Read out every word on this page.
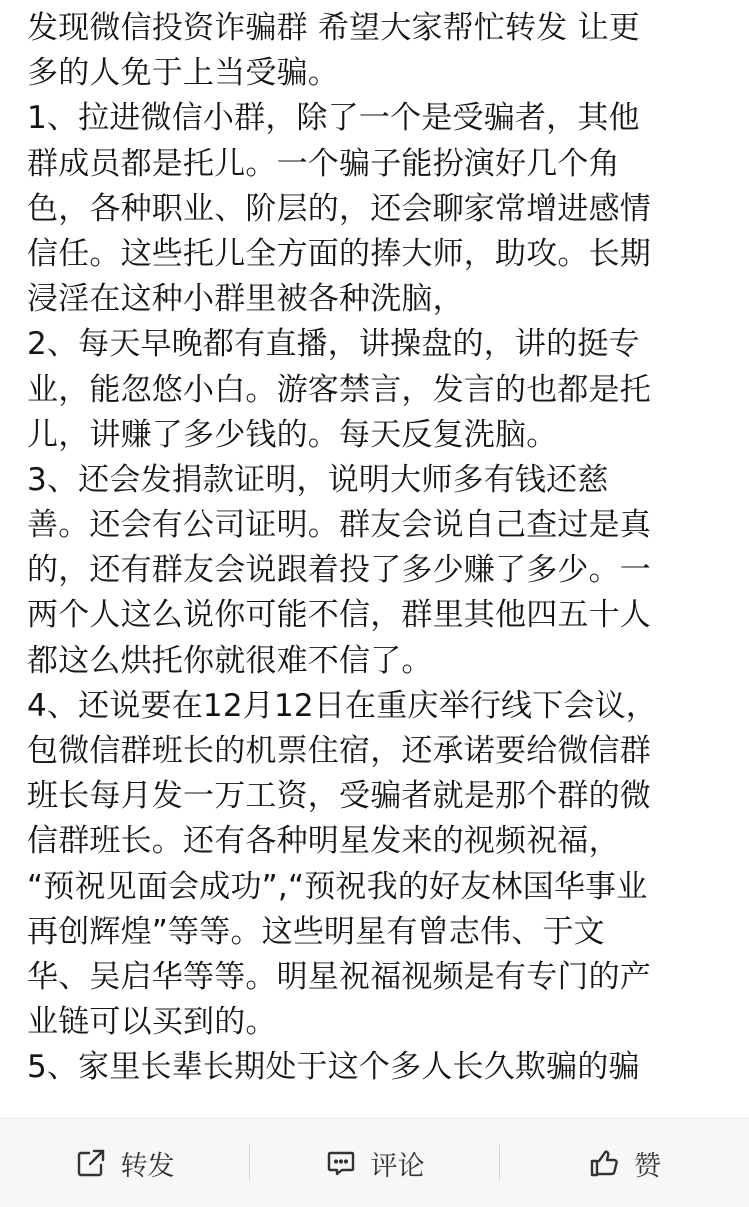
发现微信投资诈骗群 希望大家帮忙转发 让更
多的人免于上当受骗。
1、拉进微信小群，除了一个是受骗者，其他
群成员都是托儿。一个骗子能扮演好几个角
色，各种职业、阶层的，还会聊家常增进感情
信任。这些托儿全方面的捧大师，助攻。长期
浸淫在这种小群里被各种洗脑，
2、每天早晚都有直播，讲操盘的，讲的挺专
业，能忽悠小白。游客禁言，发言的也都是托
儿，讲赚了多少钱的。每天反复洗脑。
3、还会发捐款证明，说明大师多有钱还慈
善。还会有公司证明。群友会说自己查过是真
的，还有群友会说跟着投了多少赚了多少。一
两个人这么说你可能不信，群里其他四五十人
都这么烘托你就很难不信了。
4、还说要在12月12日在重庆举行线下会议，
包微信群班长的机票住宿，还承诺要给微信群
班长每月发一万工资，受骗者就是那个群的微
信群班长。还有各种明星发来的视频祝福，
“预祝见面会成功”,“预祝我的好友林国华事业
再创辉煌”等等。这些明星有曾志伟、于文
华、吴启华等等。明星祝福视频是有专门的产
业链可以买到的。
5、家里长辈长期处于这个多人长久欺骗的骗
转发	评论	赞
